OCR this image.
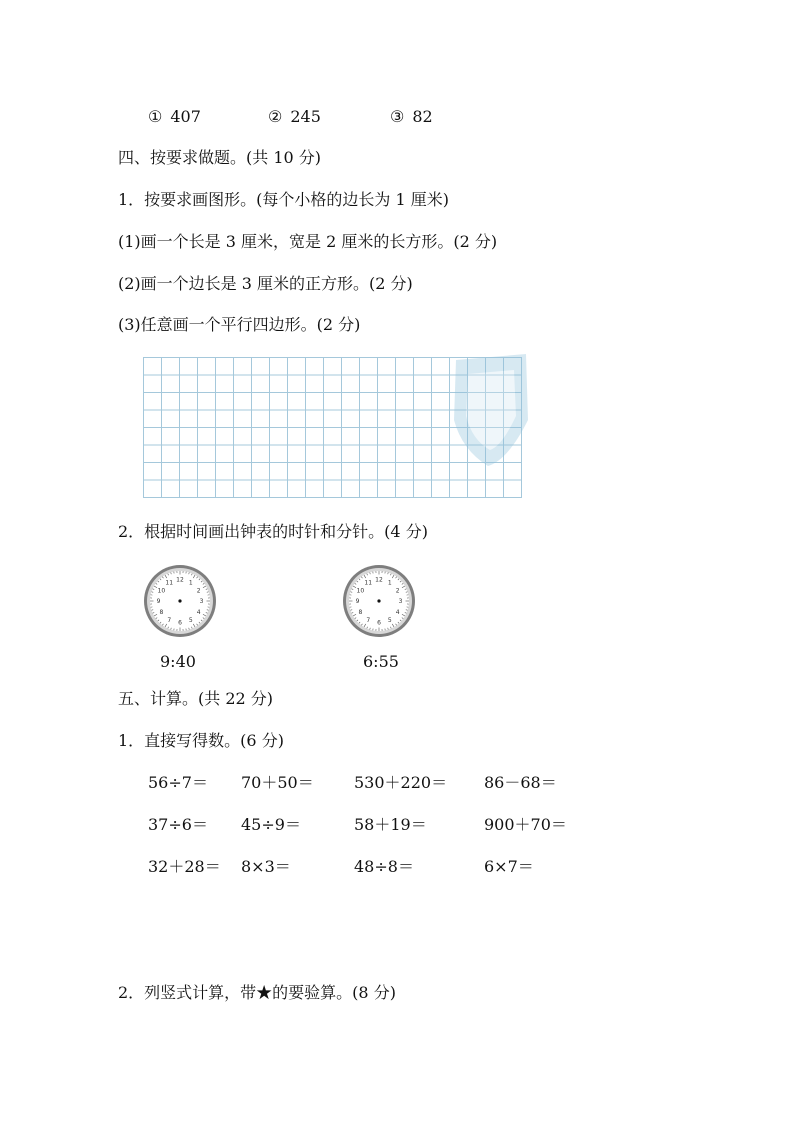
① 407	② 245	③ 82
四、按要求做题。(共 10 分)
1．按要求画图形。(每个小格的边长为 1 厘米)
(1)画一个长是 3 厘米，宽是 2 厘米的长方形。(2 分)
(2)画一个边长是 3 厘米的正方形。(2 分)
(3)任意画一个平行四边形。(2 分)
2．根据时间画出钟表的时针和分针。(4 分)
12 1
2
3
4
5
6
7
8
9
10
11
9:40
12 1
2
3
4
5
6
7
8
9
10
11
6:55
五、计算。(共 22 分)
1．直接写得数。(6 分)
56÷7＝ 70＋50＝	530＋220＝ 86－68＝
37÷6＝ 45÷9＝	58＋19＝	900＋70＝
32＋28＝ 8×3＝	48÷8＝	6×7＝
2．列竖式计算，带★的要验算。(8 分)
